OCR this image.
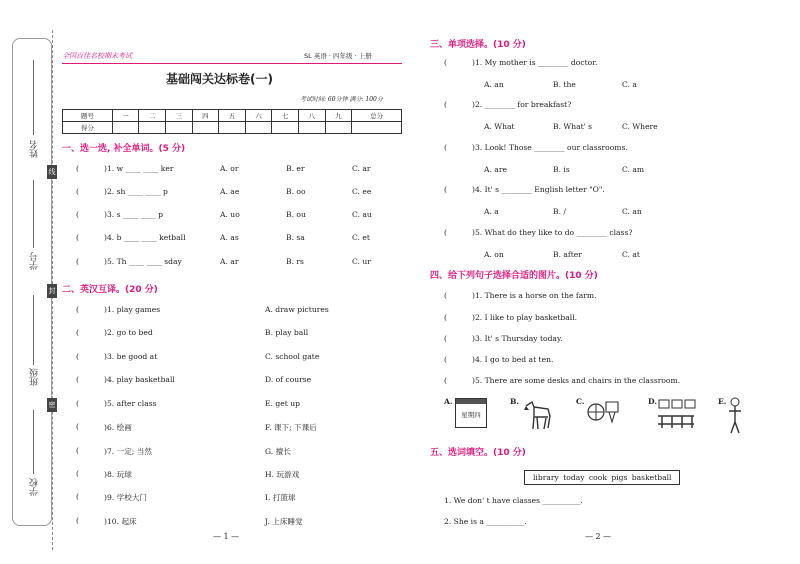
姓名
学号
班级
学校
线
封
密
全国百佳名校期末考试	SL 英语 · 四年级 · 上册
基础闯关达标卷(一)
考试时间: 60分钟 满分: 100分
题号	一	二	三	四	五	六	七	八	九	总分
得分										
一、选一选, 补全单词。(5 分)
(	)1. w ____ ____ ker	A. or	B. er	C. ar
(	)2. sh ____ ____ p	A. ae	B. oo	C. ee
(	)3. s ____ ____ p	A. uo	B. ou	C. au
(	)4. b ____ ____ ketball	A. as	B. sa	C. et
(	)5. Th ____ ____ sday	A. ar	B. rs	C. ur
二、英汉互译。(20 分)
(	)1. play games	A. draw pictures
(	)2. go to bed	B. play ball
(	)3. be good at	C. school gate
(	)4. play basketball	D. of course
(	)5. after class	E. get up
(	)6. 绘画	F. 课下; 下课后
(	)7. 一定; 当然	G. 擅长
(	)8. 玩球	H. 玩游戏
(	)9. 学校大门	I. 打篮球
(	)10. 起床	J. 上床睡觉
— 1 —
三、单项选择。(10 分)
(	)1. My mother is ________ doctor.
A. an	B. the	C. a
(	)2. ________ for breakfast?
A. What	B. What' s	C. Where
(	)3. Look! Those ________ our classrooms.
A. are	B. is	C. am
(	)4. It' s ________ English letter "O".
A. a	B. /	C. an
(	)5. What do they like to do ________ class?
A. on	B. after	C. at
四、给下列句子选择合适的图片。(10 分)
(	)1. There is a horse on the farm.
(	)2. I like to play basketball.
(	)3. It' s Thursday today.
(	)4. I go to bed at ten.
(	)5. There are some desks and chairs in the classroom.
A.
星期四
B.	C.	D.	E.
五、选词填空。(10 分)
library today cook pigs basketball
1. We don' t have classes __________.
2. She is a __________.
— 2 —
